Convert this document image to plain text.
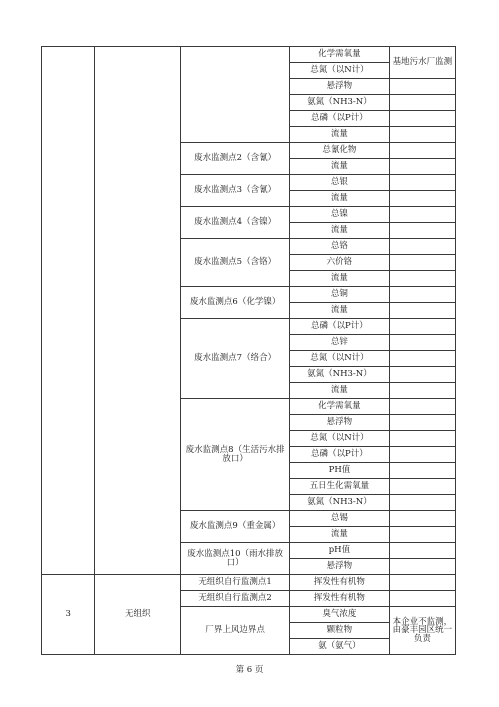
			化学需氧量	基地污水厂监测
			总氮（以N计）	
			悬浮物	
			氨氮（NH3-N）	
			总磷（以P计）	
			流量	
		废水监测点2（含氰）	总氰化物	
			流量	
		废水监测点3（含氰）	总银	
			流量	
		废水监测点4（含镍）	总镍	
			流量	
		废水监测点5（含铬）	总铬	
			六价铬	
			流量	
		废水监测点6（化学镍）	总铜	
			流量	
		废水监测点7（络合）	总磷（以P计）	
			总锌	
			总氮（以N计）	
			氨氮（NH3-N）	
			流量	
		废水监测点8（生活污水排放口）	化学需氧量	
			悬浮物	
			总氮（以N计）	
			总磷（以P计）	
			PH值	
			五日生化需氧量	
			氨氮（NH3-N）	
		废水监测点9（重金属）	总锡	
			流量	
		废水监测点10（雨水排放口）	pH值	
			悬浮物	
3	无组织	无组织自行监测点1	挥发性有机物	
		无组织自行监测点2	挥发性有机物	
		厂界上风边界点	臭气浓度	本企业不监测，由豪丰园区统一负责
			颗粒物	
			氨（氨气）	
第 6 页
